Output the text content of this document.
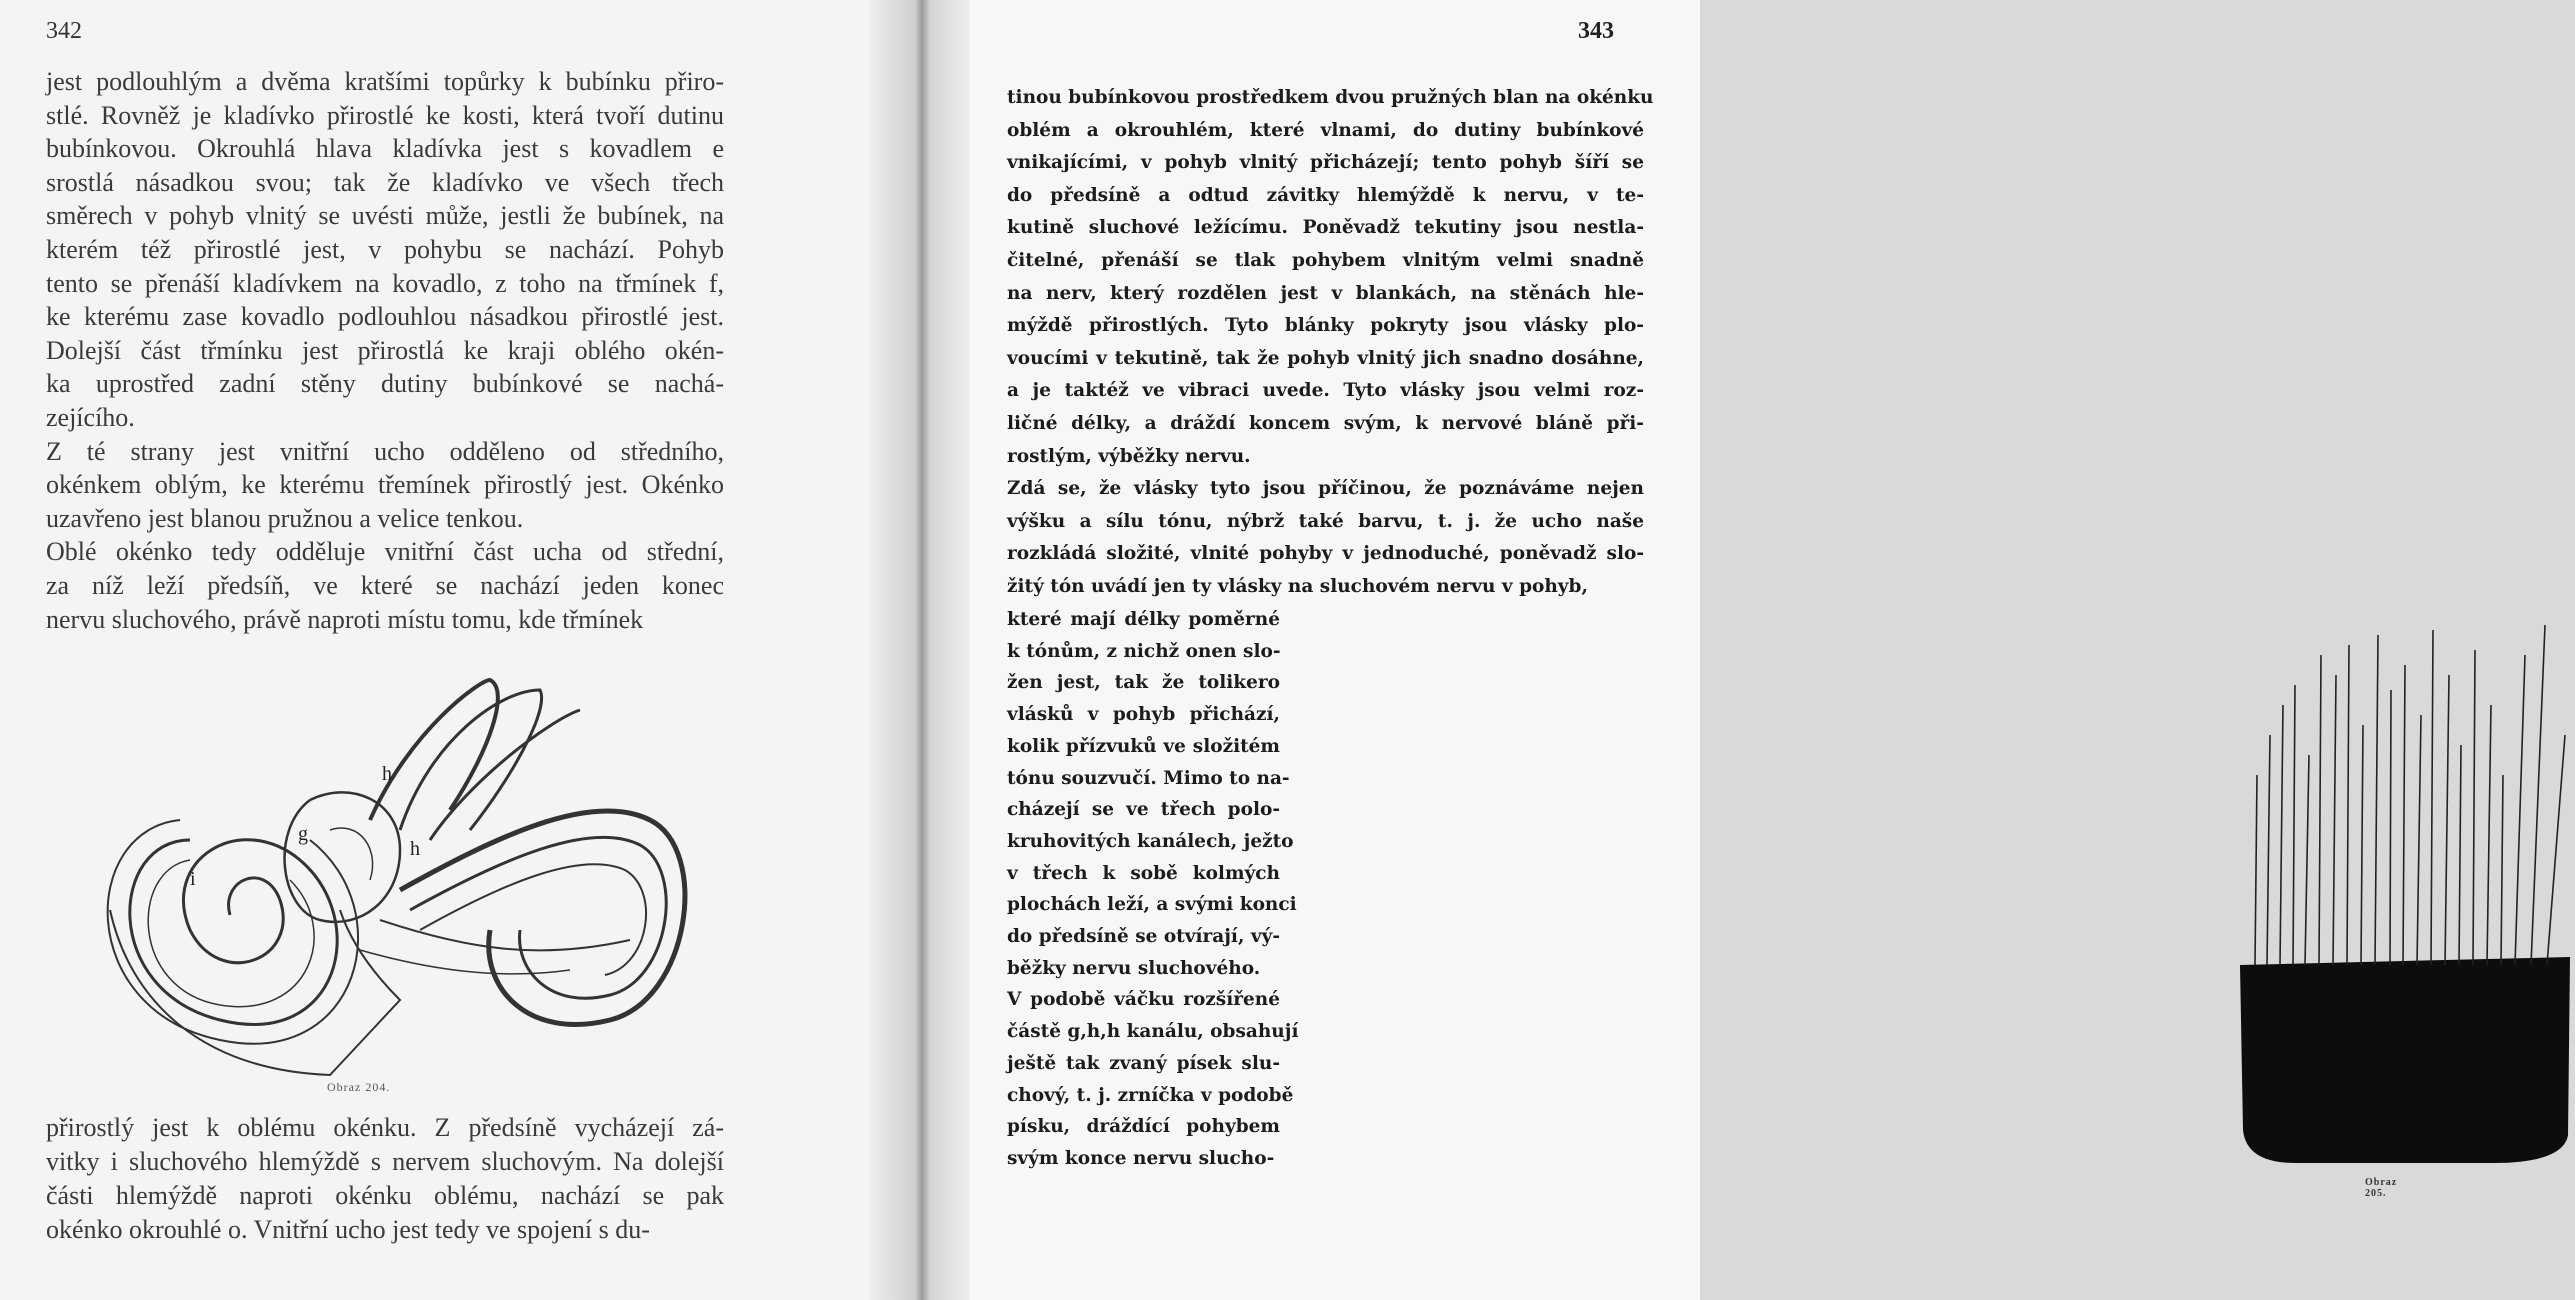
342
jest podlouhlým a dvěma kratšími topůrky k bubínku přiro-
stlé. Rovněž je kladívko přirostlé ke kosti, která tvoří dutinu
bubínkovou. Okrouhlá hlava kladívka jest s kovadlem e
srostlá násadkou svou; tak že kladívko ve všech třech
směrech v pohyb vlnitý se uvésti může, jestli že bubínek, na
kterém též přirostlé jest, v pohybu se nachází. Pohyb
tento se přenáší kladívkem na kovadlo, z toho na třmínek f,
ke kterému zase kovadlo podlouhlou násadkou přirostlé jest.
Dolejší část třmínku jest přirostlá ke kraji oblého okén-
ka uprostřed zadní stěny dutiny bubínkové se nachá-
zejícího.
Z té strany jest vnitřní ucho odděleno od středního,
okénkem oblým, ke kterému třemínek přirostlý jest. Okénko
uzavřeno jest blanou pružnou a velice tenkou.
Oblé okénko tedy odděluje vnitřní část ucha od střední,
za níž leží předsíň, ve které se nachází jeden konec
nervu sluchového, právě naproti místu tomu, kde třmínek
h
h
g
i
Obraz 204.
přirostlý jest k oblému okénku. Z předsíně vycházejí zá-
vitky i sluchového hlemýždě s nervem sluchovým. Na dolejší
části hlemýždě naproti okénku oblému, nachází se pak
okénko okrouhlé o. Vnitřní ucho jest tedy ve spojení s du-
343
tinou bubínkovou prostředkem dvou pružných blan na okénku
oblém a okrouhlém, které vlnami, do dutiny bubínkové
vnikajícími, v pohyb vlnitý přicházejí; tento pohyb šíří se
do předsíně a odtud závitky hlemýždě k nervu, v te-
kutině sluchové ležícímu. Poněvadž tekutiny jsou nestla-
čitelné, přenáší se tlak pohybem vlnitým velmi snadně
na nerv, který rozdělen jest v blankách, na stěnách hle-
mýždě přirostlých. Tyto blánky pokryty jsou vlásky plo-
voucími v tekutině, tak že pohyb vlnitý jich snadno dosáhne,
a je taktéž ve vibraci uvede. Tyto vlásky jsou velmi roz-
ličné délky, a dráždí koncem svým, k nervové bláně při-
rostlým, výběžky nervu.
Zdá se, že vlásky tyto jsou příčinou, že poznáváme nejen
výšku a sílu tónu, nýbrž také barvu, t. j. že ucho naše
rozkládá složité, vlnité pohyby v jednoduché, poněvadž slo-
žitý tón uvádí jen ty vlásky na sluchovém nervu v pohyb,
které mají délky poměrné
k tónům, z nichž onen slo-
žen jest, tak že tolikero
vlásků v pohyb přichází,
kolik přízvuků ve složitém
tónu souzvučí. Mimo to na-
cházejí se ve třech polo-
kruhovitých kanálech, ježto
v třech k sobě kolmých
plochách leží, a svými konci
do předsíně se otvírají, vý-
běžky nervu sluchového.
V podobě váčku rozšířené
částě g,h,h kanálu, obsahují
ještě tak zvaný písek slu-
chový, t. j. zrníčka v podobě
písku, dráždící pohybem
svým konce nervu slucho-
Obraz 205.
